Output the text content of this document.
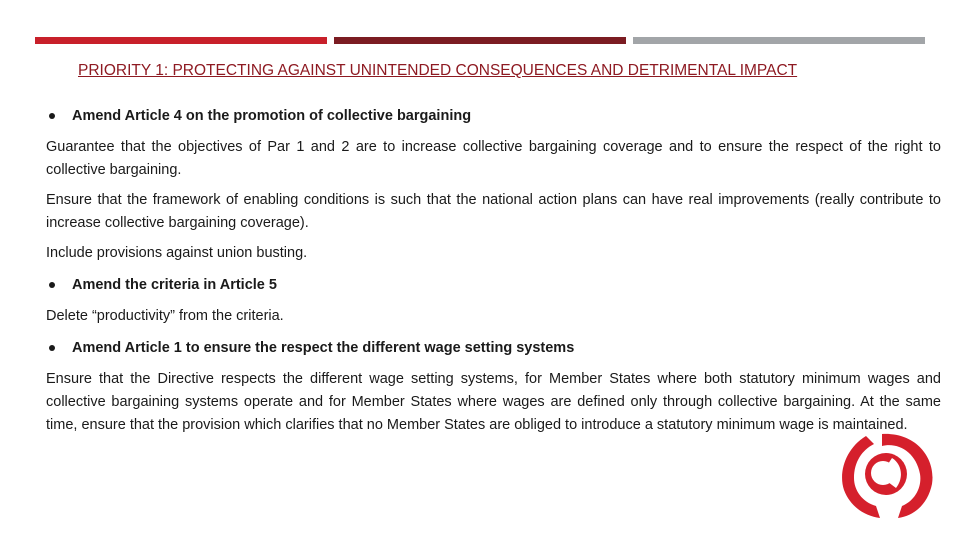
PRIORITY 1: PROTECTING AGAINST UNINTENDED CONSEQUENCES AND DETRIMENTAL IMPACT
Amend Article 4 on the promotion of collective bargaining

Guarantee that the objectives of Par 1 and 2 are to increase collective bargaining coverage and to ensure the respect of the right to collective bargaining.

Ensure that the framework of enabling conditions is such that the national action plans can have real improvements (really contribute to increase collective bargaining coverage).

Include provisions against union busting.

Amend the criteria in Article 5

Delete “productivity” from the criteria.

Amend Article 1 to ensure the respect the different wage setting systems

Ensure that the Directive respects the different wage setting systems, for Member States where both statutory minimum wages and collective bargaining systems operate and for Member States where wages are defined only through collective bargaining. At the same time, ensure that the provision which clarifies that no Member States are obliged to introduce a statutory minimum wage is maintained.
